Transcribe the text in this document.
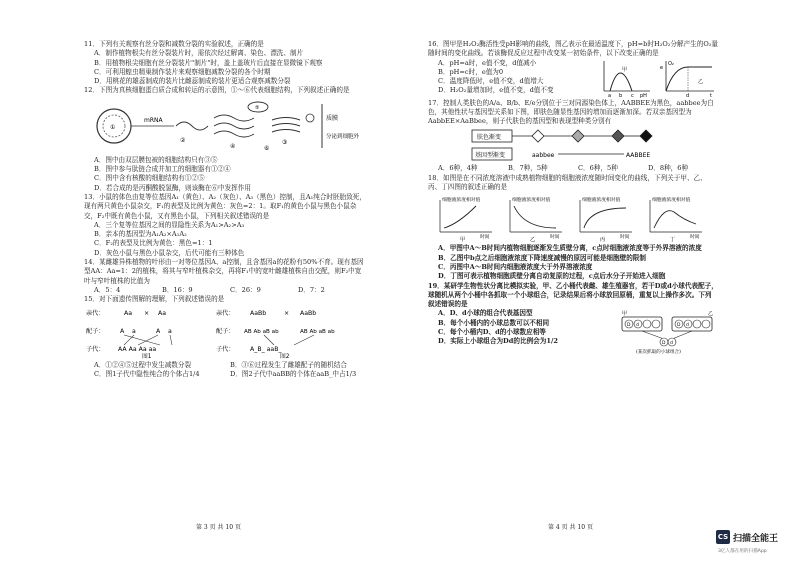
11．下列有关观察有丝分裂和减数分裂的实验叙述，正确的是

A．制作植物根尖有丝分裂装片时，需依次经过解离、染色、漂洗、制片

B．用植物根尖细胞有丝分裂装片"制片"时，盖上盖玻片后直接在显微镜下观察

C．可利用蝗虫精巢制作装片来观察细胞减数分裂的各个时期

D．用桃花的雄蕊制成的装片比雌蕊制成的装片更适合观察减数分裂

12．下图为真核细胞蛋白质合成和转运的示意图，①～⑥代表细胞结构，下列叙述正确的是

①
mRNA
②
④
⑤
③
质膜
分泌到细胞外
⑥

A．图中由双层膜包被的细胞结构只有③⑤

B．图中参与肽链合成并加工的细胞器有①②④

C．图中含有核酸的细胞结构有①②⑤

D．若合成的是丙酮酸脱氢酶，则该酶在⑥中发挥作用

13．小鼠的体色由复等位基因A₁（黄色）、A₂（灰色）、A₃（黑色）控制，且A₁纯合时胚胎致死，现有两只黄色小鼠杂交，F₁的表型及比例为黄色：灰色=2：1。取F₁的黄色小鼠与黑色小鼠杂交，F₂中既有黄色小鼠，又有黑色小鼠，下列相关叙述错误的是

A．三个复等位基因之间的显隐性关系为A₁>A₂>A₃

B．亲本的基因型为A₁A₂×A₁A₂

C．F₂的表型及比例为黄色：黑色=1：1

D．灰色小鼠与黑色小鼠杂交，后代可能有三种体色

14．某雌雄异株植物的叶形由一对等位基因A、a控制，且含基因a的花粉有50%不育。现有基因型AA：Aa=1：2的植株，将其与窄叶植株杂交，再将F₁中的宽叶雌雄植株自由交配，则F₂中宽叶与窄叶植株的比值为

A．5：4	B．16：9	C．26：9	D．7：2

15．对下面遗传图解的理解，下列叙述错误的是

亲代：	Aa × Aa
配子： A a	A a
子代： AA Aa Aa aa
图1
亲代： AaBb	× AaBb
配子： AB Ab aB ab	AB Ab aB ab
子代： A_B_ aaB_
图2
A．①②④⑤过程中发生减数分裂	B．③⑥过程发生了雌雄配子的随机结合
C．图1子代中隐性纯合的个体占1/4	D．图2子代中aaBB的个体在aaB_中占1/3
第 3 页 共 10 页

16．图甲是H₂O₂酶活性受pH影响的曲线，图乙表示在最适温度下，pH=b时H₂O₂分解产生的O₂量随时间的变化曲线。若该酶促反应过程中改变某一初始条件，以下改变正确的是

A．pH=a时，e值不变，d值减小

B．pH=c时，e值为0

C．温度降低时，e值不变，d值增大

D．H₂O₂量增加时，e值不变，d值不变

a b c pH
甲
O₂
e
d	t
乙

17．控制人类肤色的A/a、B/b、E/e分别位于三对同源染色体上，AABBEE为黑色，aabbee为白色，其他性状与基因型关系如下图，即肤色随显性基因的增加而逐渐加深。若双亲基因型为AabbEE×AaBbee，则子代肤色的基因型和表现型种类分别有

肤色渐变
基因型渐变	aabbee	AABBEE
A．6种，4种	B．7种，5种	C．6种，5种	D．8种，6种

18．如图是在不同浓度溶液中成熟植物细胞的细胞液浓度随时间变化的曲线，下列关于甲、乙、丙、丁四图的叙述正确的是

细胞液浓度相对值
时间
甲
细胞液浓度相对值
时间
乙
细胞液浓度相对值
时间
丙
细胞液浓度相对值
时间
丁

A．甲图中A～B时间内植物细胞逐渐发生质壁分离，c点时细胞液浓度等于外界溶液的浓度

B．乙图中b点之后细胞液浓度下降速度减慢的原因可能是细胞壁的限制

C．丙图中A～B时间内细胞液浓度大于外界溶液浓度

D．丁图可表示植物细胞质壁分离自动复原的过程，c点后水分子开始进入细胞

19．某研学生物性状分离比模拟实验，甲、乙小桶代表雌、雄生殖器官，若干D或d小球代表配子，球随机从两个小桶中各抓取一个小球组合，记录结果后将小球放回原桶，重复以上操作多次。下列叙述错误的是

A．D、d小球的组合代表基因型

B．每个小桶内的小球总数可以不相同

C．每个小桶内D、d的小球数应相等

D．实际上小球组合为Dd的比例会为1/2

甲	乙
D d	D d
D d
(某次抓取的小球组合)
第 4 页 共 10 页
CS 扫描全能王
3亿人都在用的扫描App
